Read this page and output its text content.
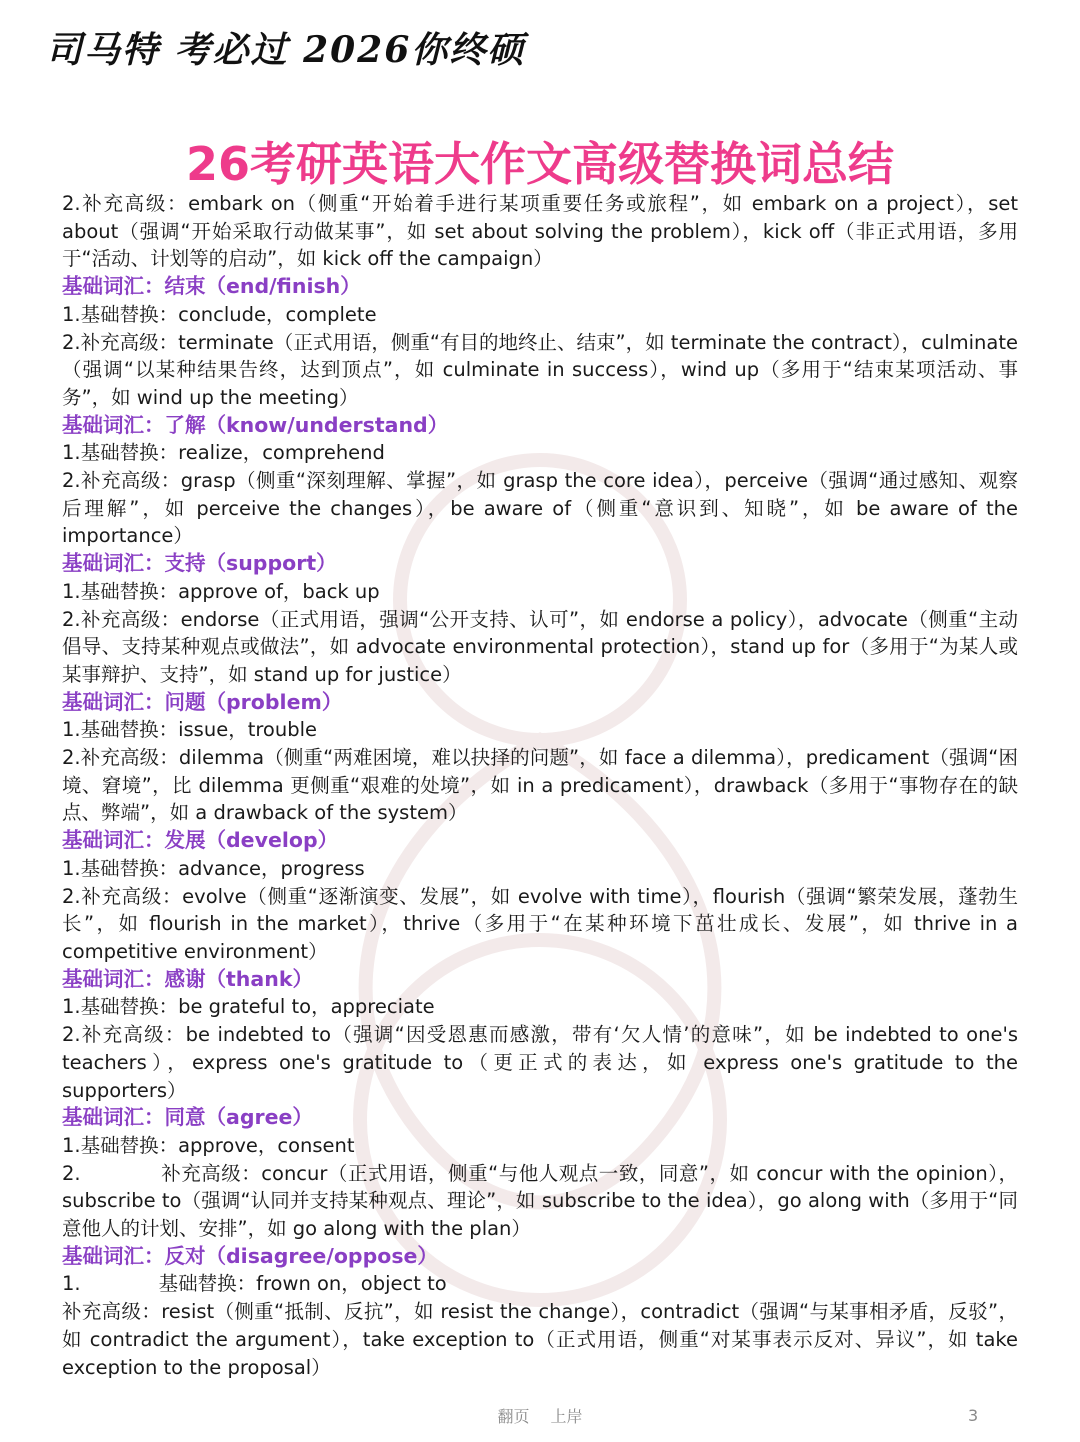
司马特 考必过 2026你终硕
26考研英语大作文高级替换词总结

2.补充高级：embark on（侧重“开始着手进行某项重要任务或旅程”，如 embark on a project），set about（强调“开始采取行动做某事”，如 set about solving the problem），kick off（非正式用语，多用于“活动、计划等的启动”，如 kick off the campaign）

基础词汇：结束（end/finish）

1.基础替换：conclude，complete

2.补充高级：terminate（正式用语，侧重“有目的地终止、结束”，如 terminate the contract），culminate（强调“以某种结果告终，达到顶点”，如 culminate in success），wind up（多用于“结束某项活动、事务”，如 wind up the meeting）

基础词汇：了解（know/understand）

1.基础替换：realize，comprehend

2.补充高级：grasp（侧重“深刻理解、掌握”，如 grasp the core idea），perceive（强调“通过感知、观察后理解”，如 perceive the changes），be aware of（侧重“意识到、知晓”，如 be aware of the importance）

基础词汇：支持（support）

1.基础替换：approve of，back up

2.补充高级：endorse（正式用语，强调“公开支持、认可”，如 endorse a policy），advocate（侧重“主动倡导、支持某种观点或做法”，如 advocate environmental protection），stand up for（多用于“为某人或某事辩护、支持”，如 stand up for justice）

基础词汇：问题（problem）

1.基础替换：issue，trouble

2.补充高级：dilemma（侧重“两难困境，难以抉择的问题”，如 face a dilemma），predicament（强调“困境、窘境”，比 dilemma 更侧重“艰难的处境”，如 in a predicament），drawback（多用于“事物存在的缺点、弊端”，如 a drawback of the system）

基础词汇：发展（develop）

1.基础替换：advance，progress

2.补充高级：evolve（侧重“逐渐演变、发展”，如 evolve with time），flourish（强调“繁荣发展，蓬勃生长”，如 flourish in the market），thrive（多用于“在某种环境下茁壮成长、发展”，如 thrive in a competitive environment）

基础词汇：感谢（thank）

1.基础替换：be grateful to，appreciate

2.补充高级：be indebted to（强调“因受恩惠而感激，带有‘欠人情’的意味”，如 be indebted to one's teachers），express one's gratitude to（更正式的表达，如 express one's gratitude to the supporters）

基础词汇：同意（agree）

1.基础替换：approve，consent

2.　　　　补充高级：concur（正式用语，侧重“与他人观点一致，同意”，如 concur with the opinion），subscribe to（强调“认同并支持某种观点、理论”，如 subscribe to the idea），go along with（多用于“同意他人的计划、安排”，如 go along with the plan）

基础词汇：反对（disagree/oppose）

1.　　　　基础替换：frown on，object to

补充高级：resist（侧重“抵制、反抗”，如 resist the change），contradict（强调“与某事相矛盾，反驳”，如 contradict the argument），take exception to（正式用语，侧重“对某事表示反对、异议”，如 take exception to the proposal）

翻页 上岸	3
